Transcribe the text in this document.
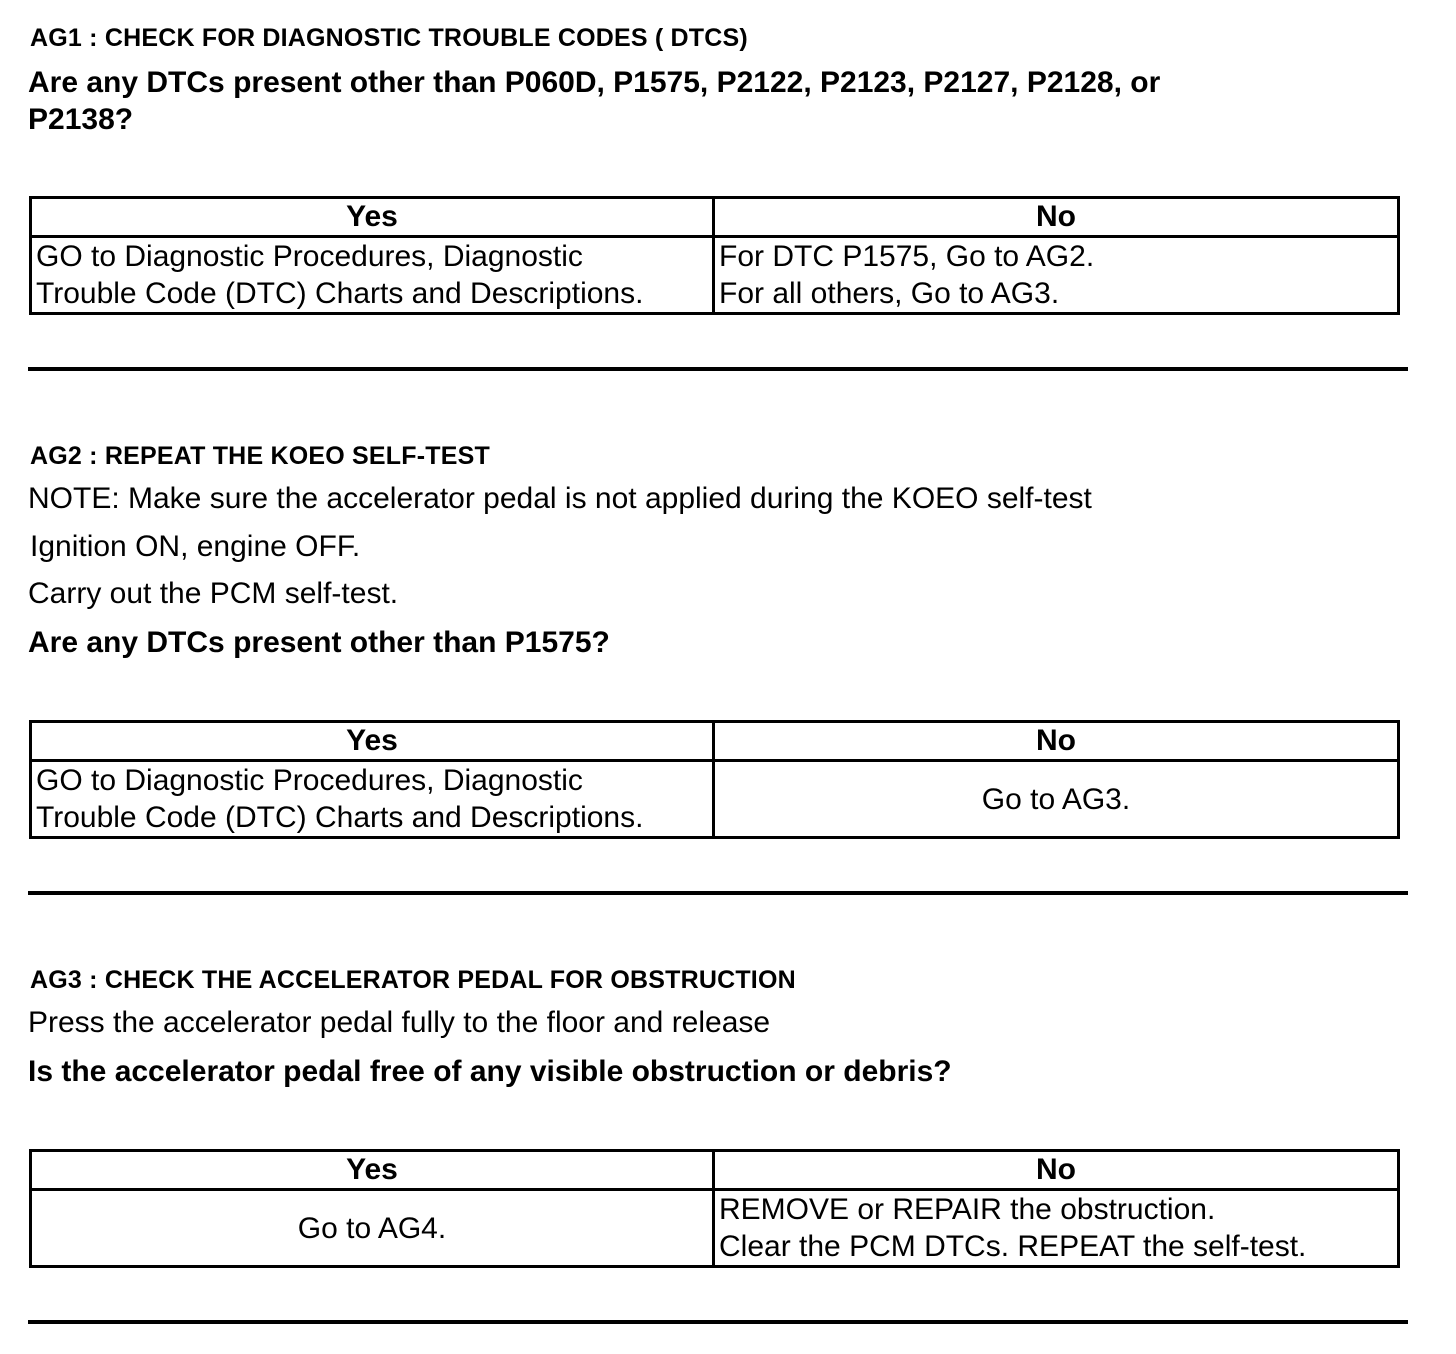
AG1 : CHECK FOR DIAGNOSTIC TROUBLE CODES ( DTCS)
Are any DTCs present other than P060D, P1575, P2122, P2123, P2127, P2128, or
P2138?
Yes	No

GO to Diagnostic Procedures, Diagnostic
Trouble Code (DTC) Charts and Descriptions.	For DTC P1575, Go to AG2.
For all others, Go to AG3.
AG2 : REPEAT THE KOEO SELF-TEST
NOTE: Make sure the accelerator pedal is not applied during the KOEO self-test
Ignition ON, engine OFF.
Carry out the PCM self-test.
Are any DTCs present other than P1575?
Yes	No

GO to Diagnostic Procedures, Diagnostic
Trouble Code (DTC) Charts and Descriptions.	Go to AG3.
AG3 : CHECK THE ACCELERATOR PEDAL FOR OBSTRUCTION
Press the accelerator pedal fully to the floor and release
Is the accelerator pedal free of any visible obstruction or debris?
Yes	No
Go to AG4.	REMOVE or REPAIR the obstruction.
Clear the PCM DTCs. REPEAT the self-test.
